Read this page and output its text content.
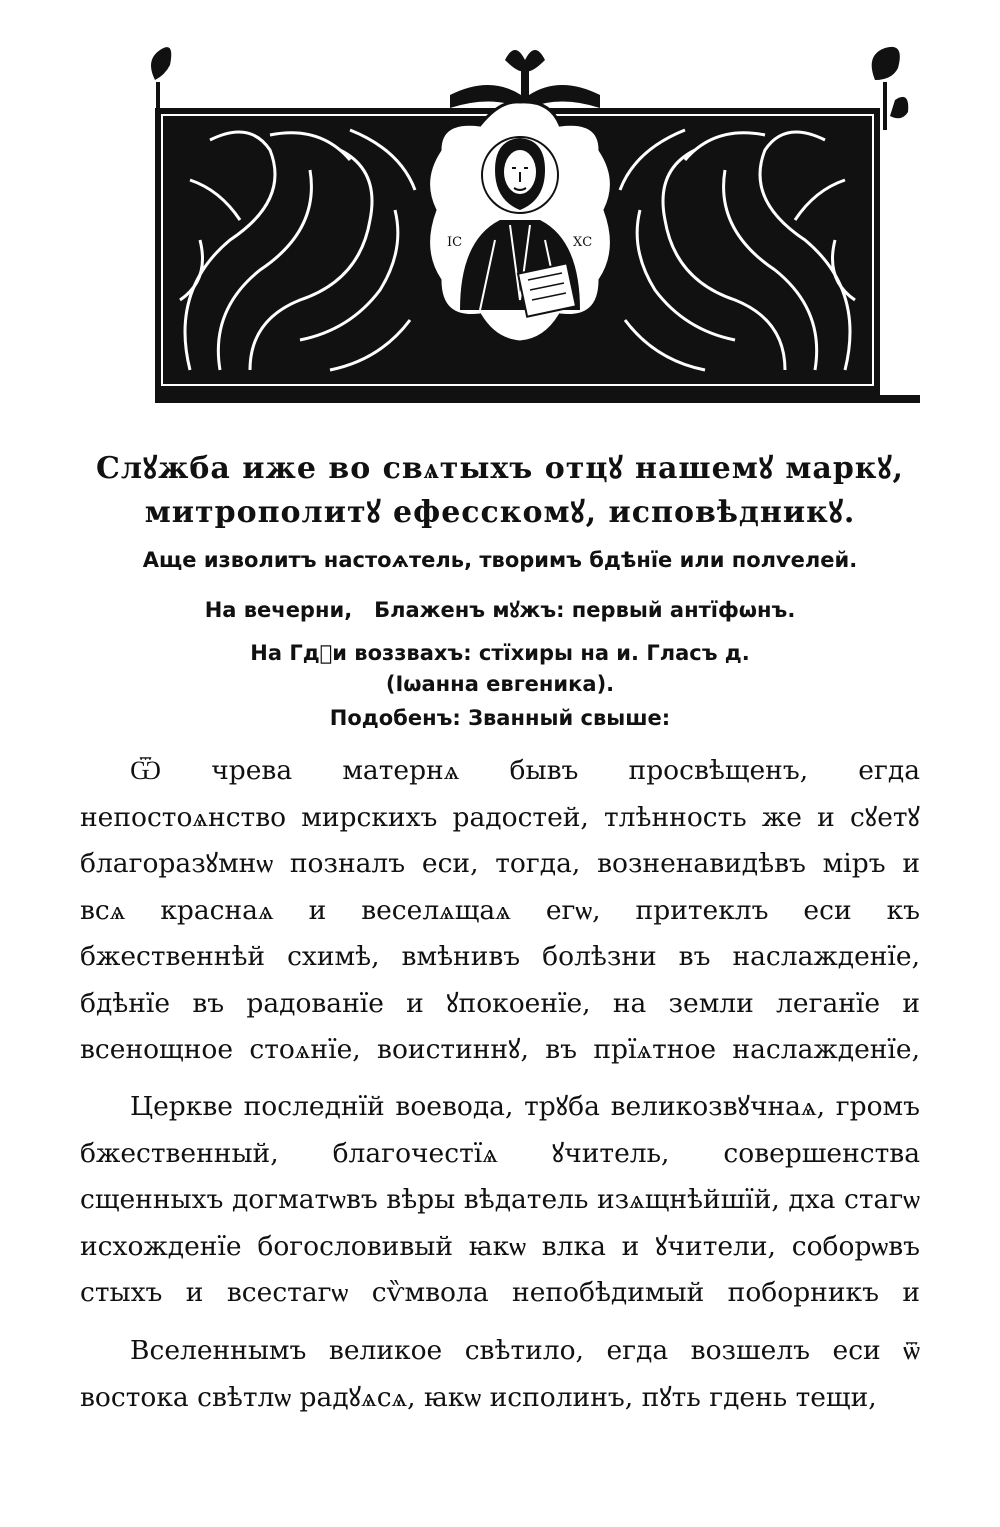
ІС	ХС
Слꙋжба ижe во свѧтыхъ отцꙋ нашемꙋ маркꙋ,
митрополитꙋ ефесскомꙋ, исповѣдникꙋ.
Аще изволитъ настоѧтель, творимъ бдѣнїе или полѵелей.
На вечерни,   Блаженъ мꙋжъ: первый антїфѡнъ.
На Гдⷭи воззвахъ: стїхиры на и. Гласъ д.
(Ιѡанна евгеника).
Подобенъ: Званный свыше:

Ѿ чрева матернѧ бывъ просвѣщенъ, егда непостоѧнство мирскихъ радостей, тлѣнность же и сꙋетꙋ благоразꙋмнѡ позналъ еси, тогда, возненавидѣвъ міръ и всѧ краснаѧ и веселѧщаѧ егѡ, притеклъ еси къ бжественнѣй схимѣ, вмѣнивъ болѣзни въ наслажденїе, бдѣнїе въ радованїе и ꙋпокоенїе, на земли леганїе и всенощное стоѧнїе, воистиннꙋ, въ прїѧтное наслажденїе,

Церкве последнїй воевода, трꙋба великозвꙋчнаѧ, громъ бжественный, благочестїѧ ꙋчитель, совершенства сщенныхъ догматѡвъ вѣры вѣдатель изѧщнѣйшїй, дха стагѡ исхожденїе богословивый ꙗкѡ влка и ꙋчители, соборѡвъ стыхъ и всестагѡ сѷмвола непобѣдимый поборникъ и

Вселеннымъ великое свѣтило, егда возшелъ еси ѿ востока свѣтлѡ радꙋѧсѧ, ꙗкѡ исполинъ, пꙋть гдень тещи,
